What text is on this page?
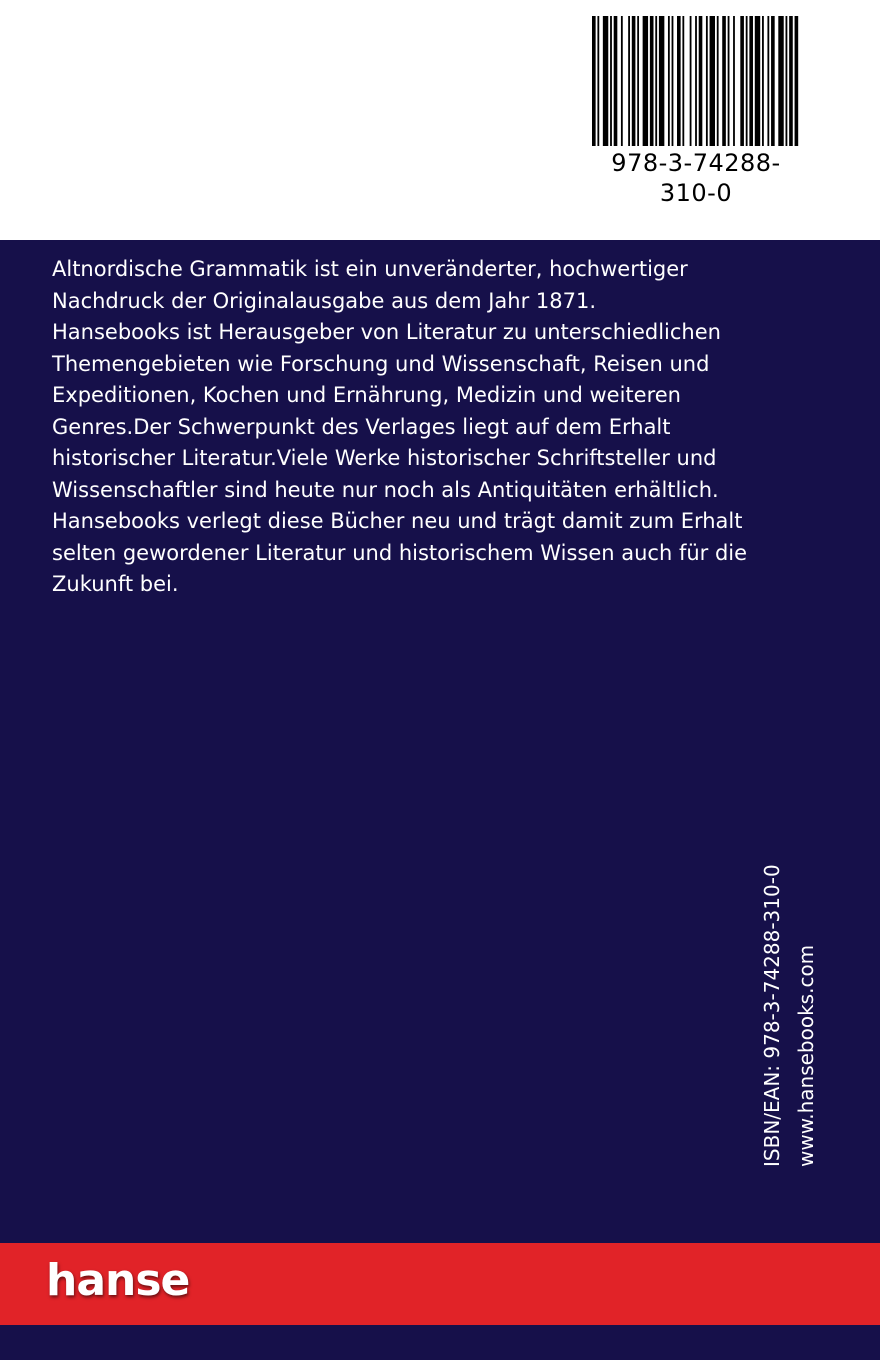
978-3-74288-310-0
Altnordische Grammatik ist ein unveränderter, hochwertiger
Nachdruck der Originalausgabe aus dem Jahr 1871.
Hansebooks ist Herausgeber von Literatur zu unterschiedlichen
Themengebieten wie Forschung und Wissenschaft, Reisen und
Expeditionen, Kochen und Ernährung, Medizin und weiteren
Genres.Der Schwerpunkt des Verlages liegt auf dem Erhalt
historischer Literatur.Viele Werke historischer Schriftsteller und
Wissenschaftler sind heute nur noch als Antiquitäten erhältlich.
Hansebooks verlegt diese Bücher neu und trägt damit zum Erhalt
selten gewordener Literatur und historischem Wissen auch für die
Zukunft bei.
ISBN/EAN: 978-3-74288-310-0 www.hansebooks.com
hanse
